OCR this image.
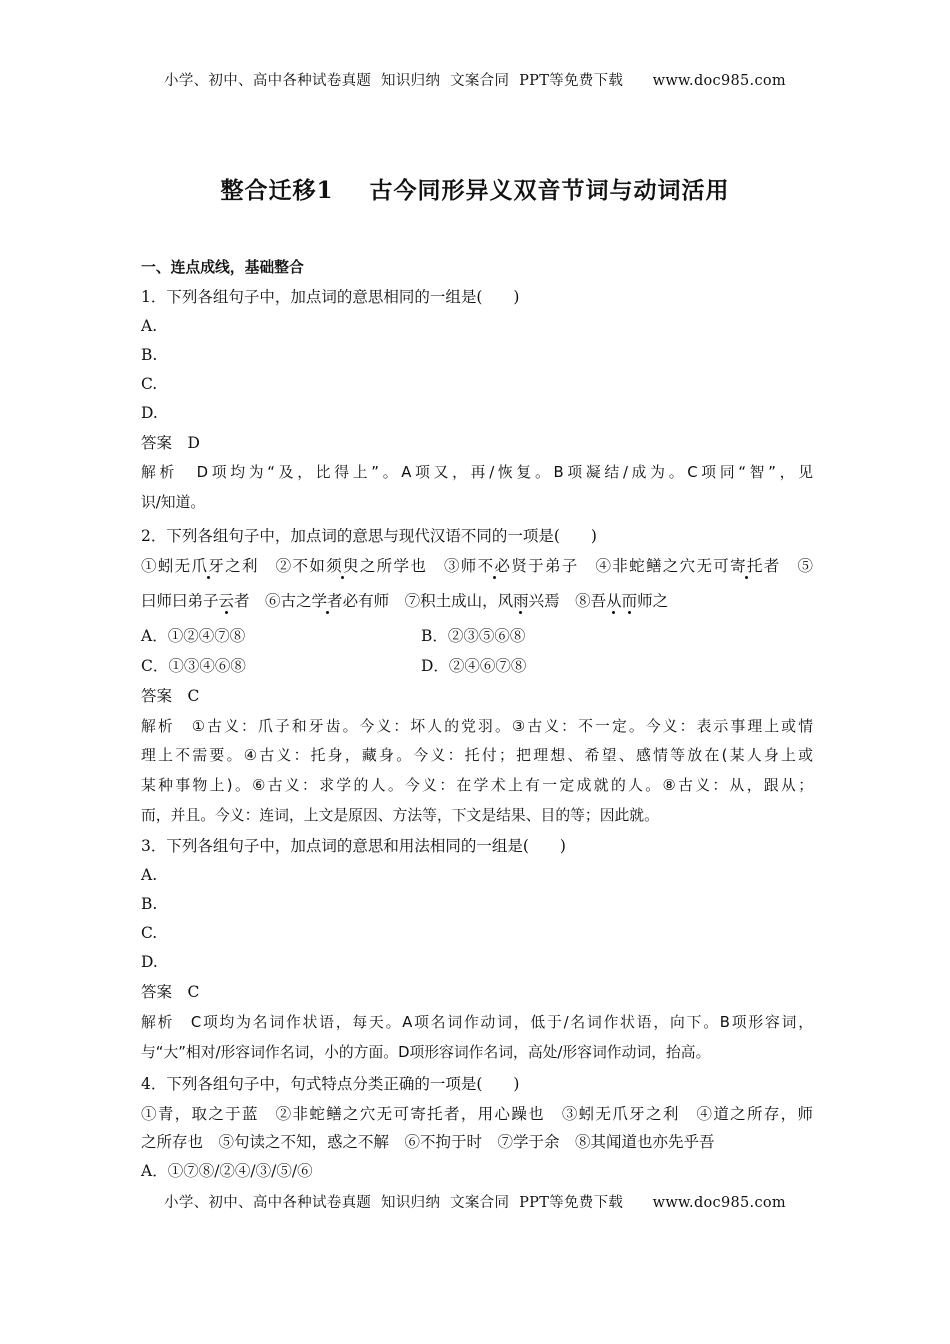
小学、初中、高中各种试卷真题  知识归纳  文案合同  PPT等免费下载      www.doc985.com
整合迁移1    古今同形异义双音节词与动词活用
一、连点成线，基础整合
1．下列各组句子中，加点词的意思相同的一组是(　　)
A.
B.
C.
D.
答案　D
解析　D项均为“及，比得上”。A项又，再/恢复。B项凝结/成为。C项同“智”，见
识/知道。
2．下列各组句子中，加点词的意思与现代汉语不同的一项是(　　)
①蚓无爪牙之利　②不如须臾之所学也　③师不必贤于弟子　④非蛇鳝之穴无可寄托者　⑤
曰师曰弟子云者　⑥古之学者必有师　⑦积土成山，风雨兴焉　⑧吾从而师之
A．①②④⑦⑧	B．②③⑤⑥⑧
C．①③④⑥⑧	D．②④⑥⑦⑧
答案　C
解析　①古义：爪子和牙齿。今义：坏人的党羽。③古义：不一定。今义：表示事理上或情
理上不需要。④古义：托身，藏身。今义：托付；把理想、希望、感情等放在(某人身上或
某种事物上)。⑥古义：求学的人。今义：在学术上有一定成就的人。⑧古义：从，跟从；
而，并且。今义：连词，上文是原因、方法等，下文是结果、目的等；因此就。
3．下列各组句子中，加点词的意思和用法相同的一组是(　　)
A.
B.
C.
D.
答案　C
解析　C项均为名词作状语，每天。A项名词作动词，低于/名词作状语，向下。B项形容词，
与“大”相对/形容词作名词，小的方面。D项形容词作名词，高处/形容词作动词，抬高。
4．下列各组句子中，句式特点分类正确的一项是(　　)
①青，取之于蓝　②非蛇鳝之穴无可寄托者，用心躁也　③蚓无爪牙之利　④道之所存，师
之所存也　⑤句读之不知，惑之不解　⑥不拘于时　⑦学于余　⑧其闻道也亦先乎吾
A．①⑦⑧/②④/③/⑤/⑥
小学、初中、高中各种试卷真题  知识归纳  文案合同  PPT等免费下载      www.doc985.com
